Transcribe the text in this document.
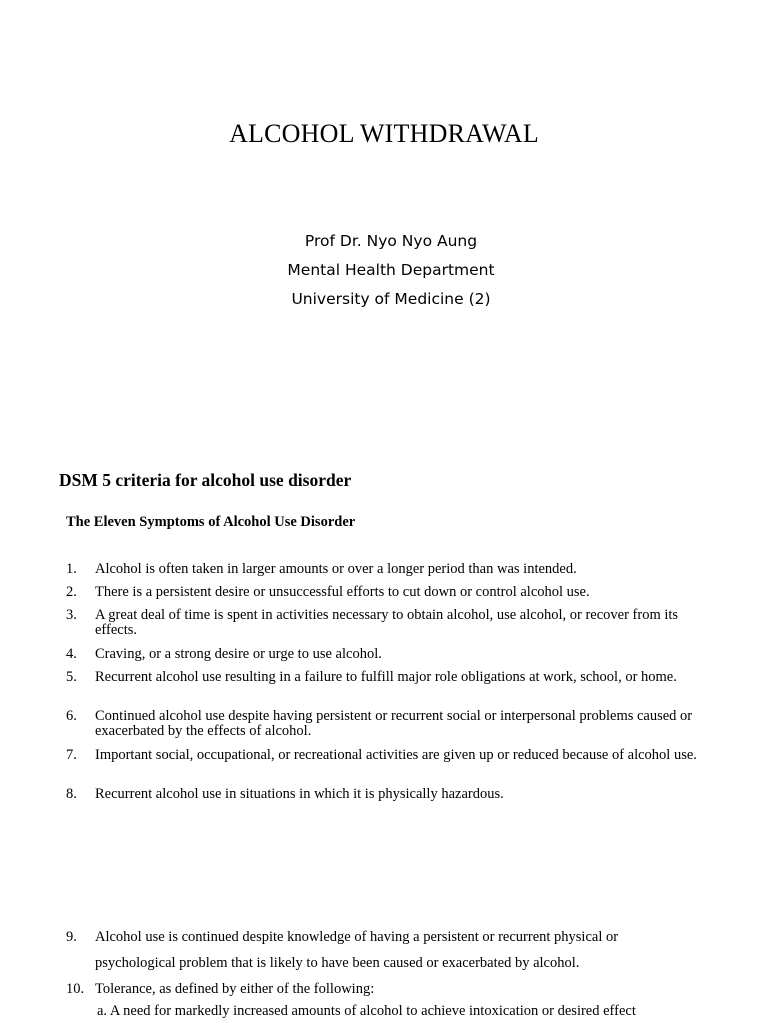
ALCOHOL WITHDRAWAL
Prof Dr. Nyo Nyo Aung
Mental Health Department
University of Medicine (2)
DSM 5 criteria for alcohol use disorder
The Eleven Symptoms of Alcohol Use Disorder
1.	Alcohol is often taken in larger amounts or over a longer period than was intended.
2.	There is a persistent desire or unsuccessful efforts to cut down or control alcohol use.
3.	A great deal of time is spent in activities necessary to obtain alcohol, use alcohol, or recover from its effects.
4.	Craving, or a strong desire or urge to use alcohol.
5.	Recurrent alcohol use resulting in a failure to fulfill major role obligations at work, school, or home.
6.	Continued alcohol use despite having persistent or recurrent social or interpersonal problems caused or exacerbated by the effects of alcohol.
7.	Important social, occupational, or recreational activities are given up or reduced because of alcohol use.
8.	Recurrent alcohol use in situations in which it is physically hazardous.
9.	Alcohol use is continued despite knowledge of having a persistent or recurrent physical or psychological problem that is likely to have been caused or exacerbated by alcohol.
10. Tolerance, as defined by either of the following:
a. A need for markedly increased amounts of alcohol to achieve intoxication or desired effect
